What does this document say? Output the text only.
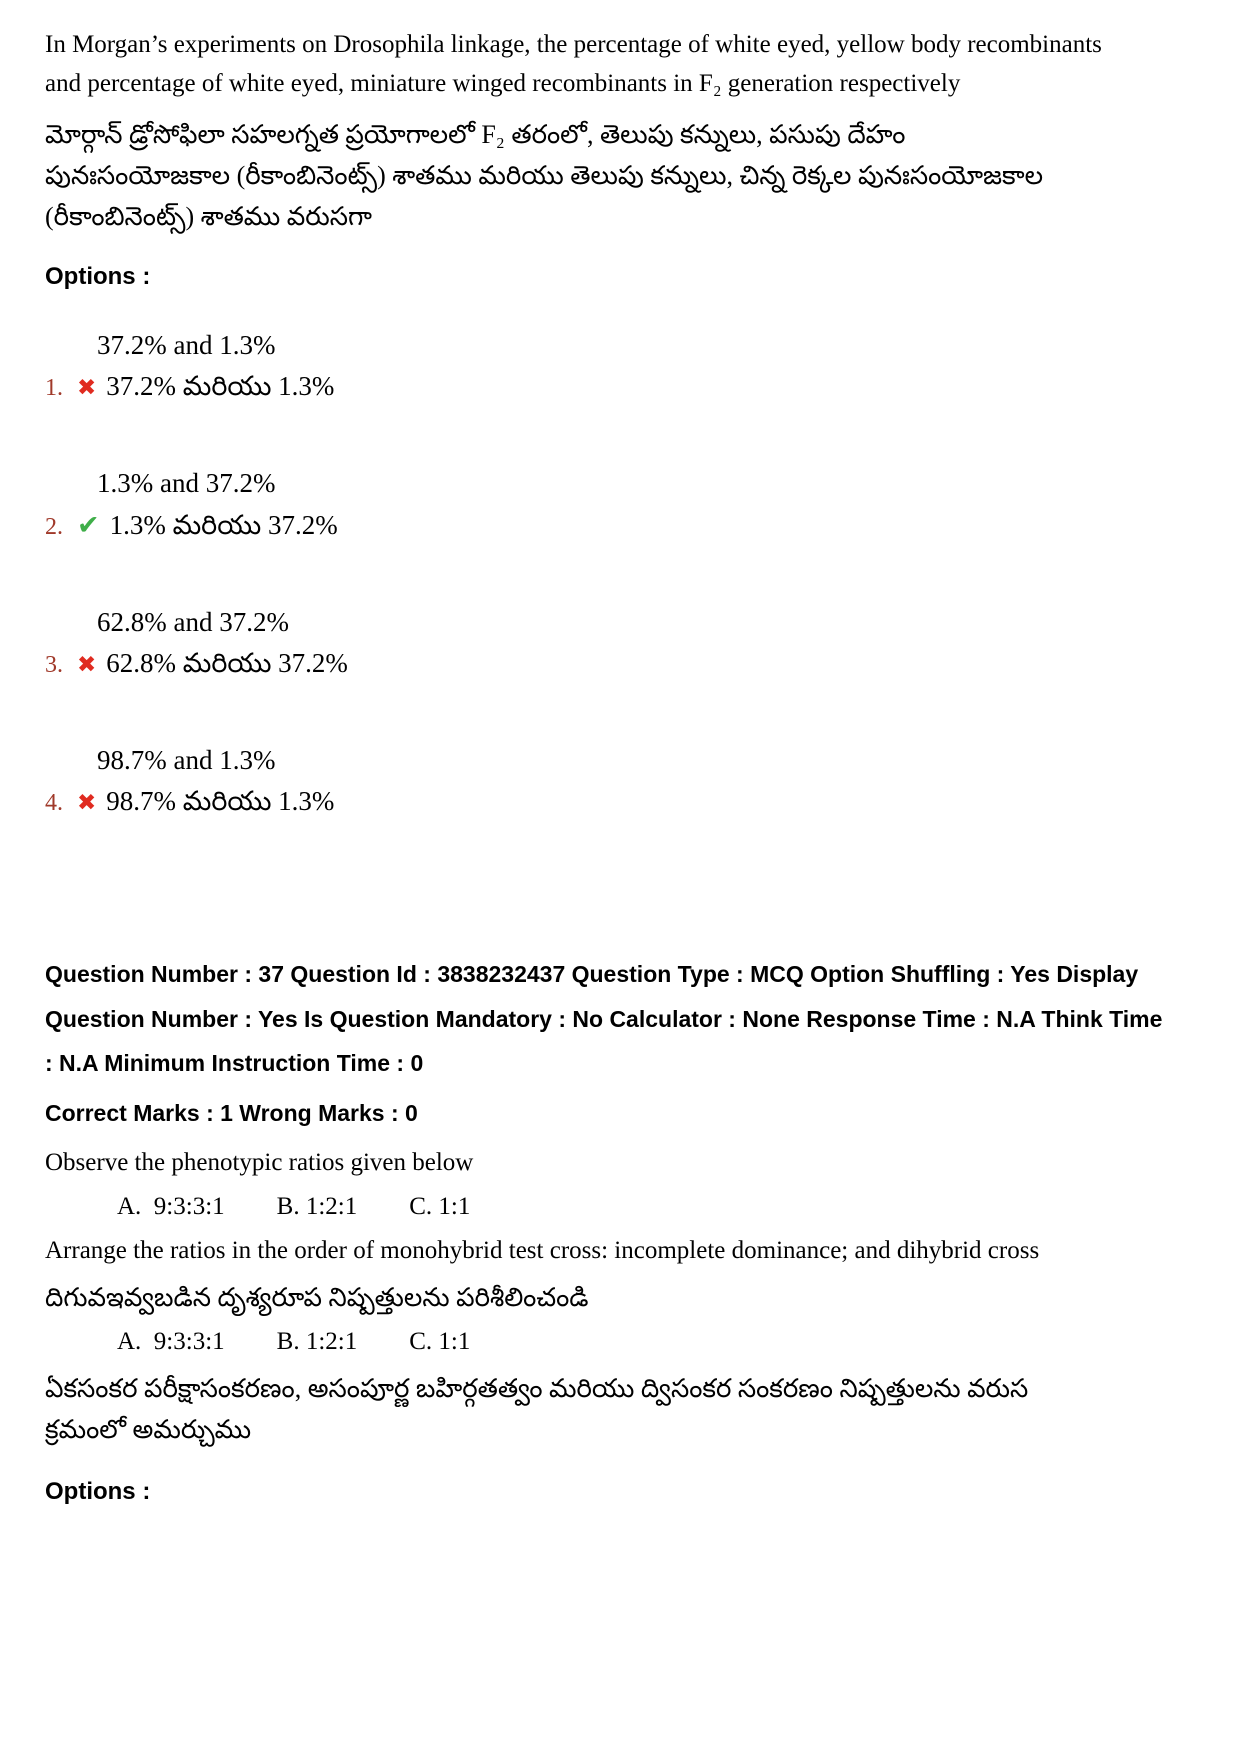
In Morgan’s experiments on Drosophila linkage, the percentage of white eyed, yellow body recombinants and percentage of white eyed, miniature winged recombinants in F₂ generation respectively

మోర్గాన్ డ్రోసోఫిలా సహలగ్నత ప్రయోగాలలో F₂ తరంలో, తెలుపు కన్నులు, పసుపు దేహం పునఃసంయోజకాల (రీకాంబినెంట్స్) శాతము మరియు తెలుపు కన్నులు, చిన్న రెక్కల పునఃసంయోజకాల (రీకాంబినెంట్స్) శాతము వరుసగా

Options :

37.2% and 1.3%

1. ✖ 37.2% మరియు 1.3%

1.3% and 37.2%

2. ✔ 1.3% మరియు 37.2%

62.8% and 37.2%

3. ✖ 62.8% మరియు 37.2%

98.7% and 1.3%

4. ✖ 98.7% మరియు 1.3%

Question Number : 37 Question Id : 3838232437 Question Type : MCQ Option Shuffling : Yes Display Question Number : Yes Is Question Mandatory : No Calculator : None Response Time : N.A Think Time : N.A Minimum Instruction Time : 0

Correct Marks : 1 Wrong Marks : 0

Observe the phenotypic ratios given below

A.  9:3:3:1 B. 1:2:1 C. 1:1

Arrange the ratios in the order of monohybrid test cross: incomplete dominance; and dihybrid cross

దిగువఇవ్వబడిన దృశ్యరూప నిష్పత్తులను పరిశీలించండి

A.  9:3:3:1 B. 1:2:1 C. 1:1

ఏకసంకర పరీక్షాసంకరణం, అసంపూర్ణ బహిర్గతత్వం మరియు ద్విసంకర సంకరణం నిష్పత్తులను వరుస క్రమంలో అమర్చుము

Options :
